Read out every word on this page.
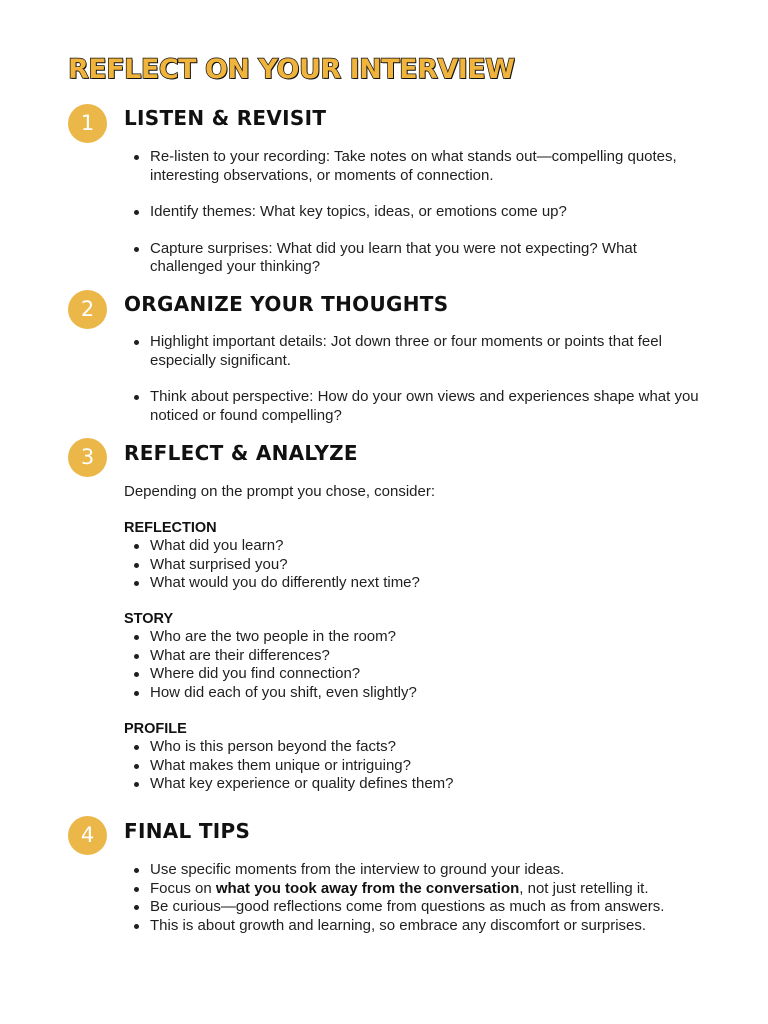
REFLECT ON YOUR INTERVIEW
1	LISTEN & REVISIT
Re-listen to your recording: Take notes on what stands out—compelling quotes, interesting observations, or moments of connection.
Identify themes: What key topics, ideas, or emotions come up?
Capture surprises: What did you learn that you were not expecting? What challenged your thinking?
2	ORGANIZE YOUR THOUGHTS
Highlight important details: Jot down three or four moments or points that feel especially significant.
Think about perspective: How do your own views and experiences shape what you noticed or found compelling?
3	REFLECT & ANALYZE

Depending on the prompt you chose, consider:

REFLECTION

What did you learn?
What surprised you?
What would you do differently next time?

STORY

Who are the two people in the room?
What are their differences?
Where did you find connection?
How did each of you shift, even slightly?

PROFILE

Who is this person beyond the facts?
What makes them unique or intriguing?
What key experience or quality defines them?
4	FINAL TIPS
Use specific moments from the interview to ground your ideas.
Focus on what you took away from the conversation, not just retelling it.
Be curious—good reflections come from questions as much as from answers.
This is about growth and learning, so embrace any discomfort or surprises.
